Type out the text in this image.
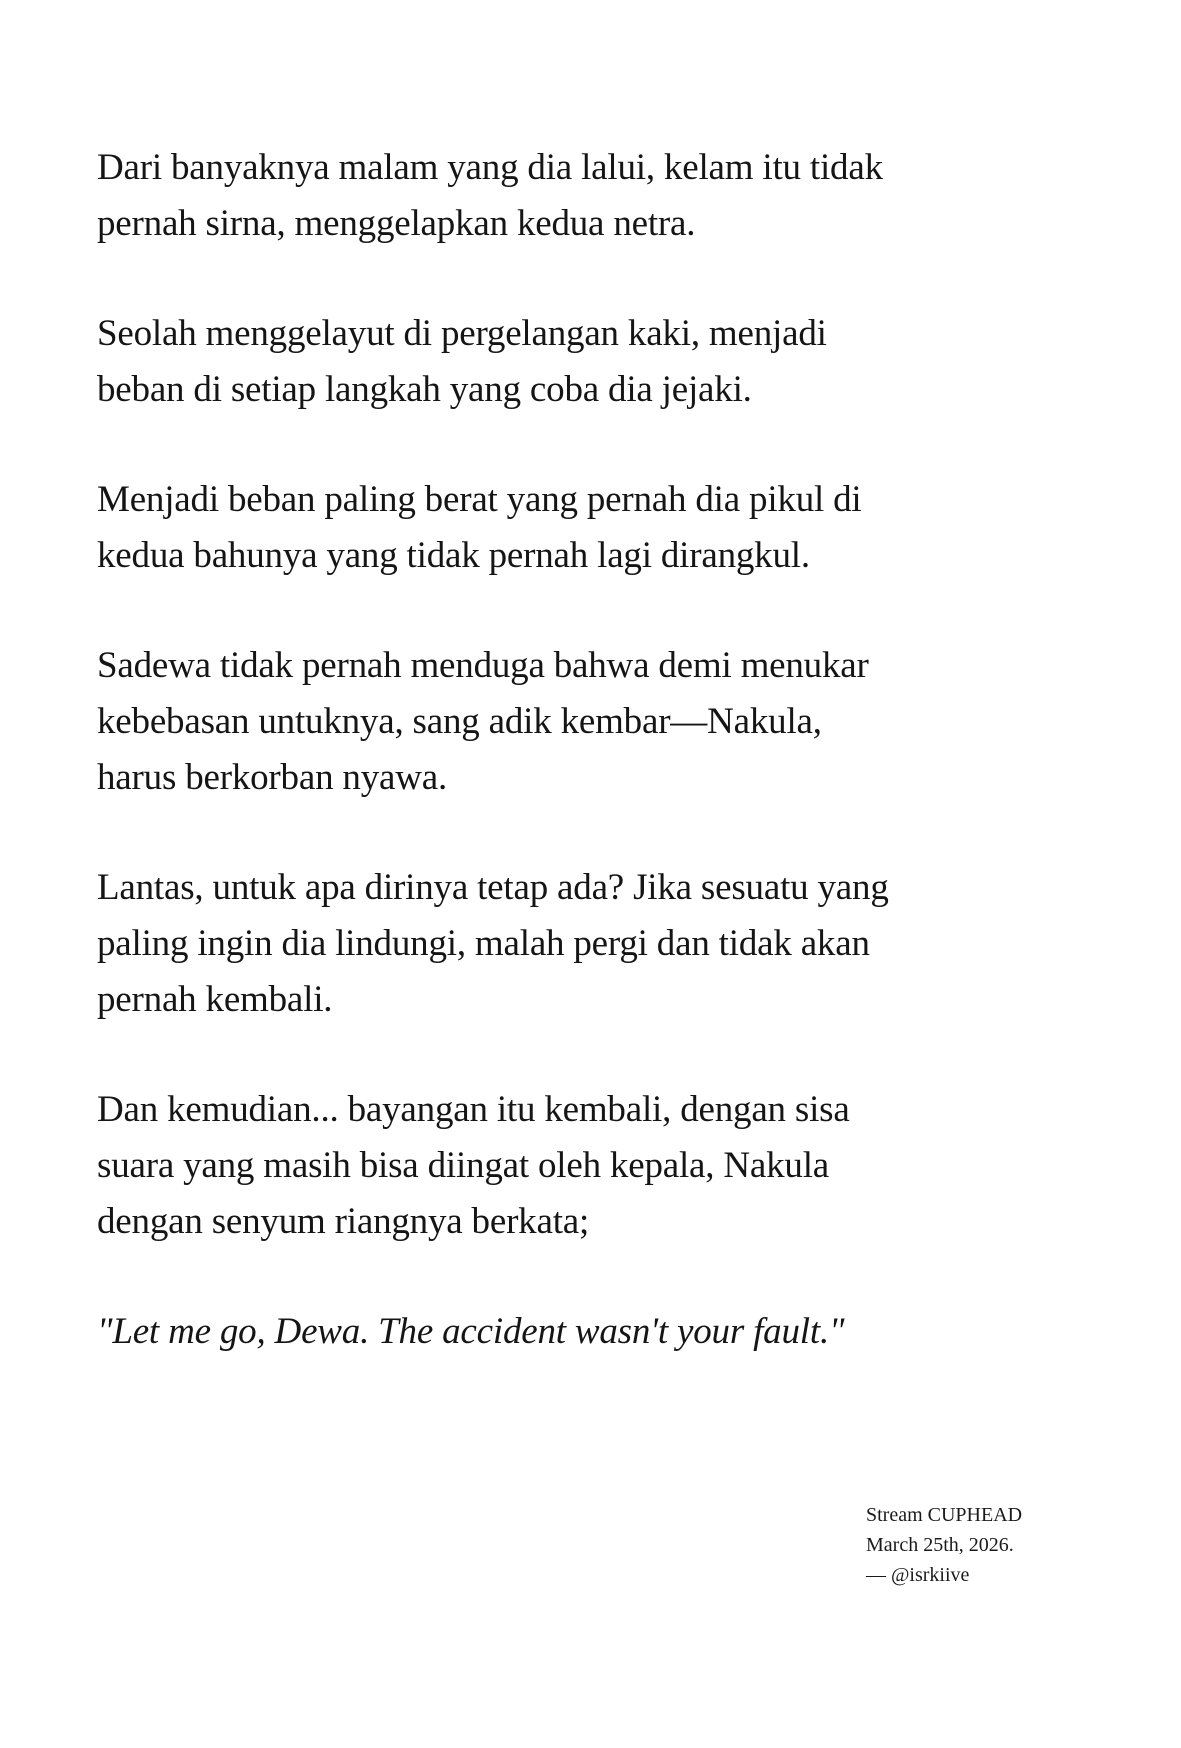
Dari banyaknya malam yang dia lalui, kelam itu tidak
pernah sirna, menggelapkan kedua netra.

Seolah menggelayut di pergelangan kaki, menjadi
beban di setiap langkah yang coba dia jejaki.

Menjadi beban paling berat yang pernah dia pikul di
kedua bahunya yang tidak pernah lagi dirangkul.

Sadewa tidak pernah menduga bahwa demi menukar
kebebasan untuknya, sang adik kembar—Nakula,
harus berkorban nyawa.

Lantas, untuk apa dirinya tetap ada? Jika sesuatu yang
paling ingin dia lindungi, malah pergi dan tidak akan
pernah kembali.

Dan kemudian... bayangan itu kembali, dengan sisa
suara yang masih bisa diingat oleh kepala, Nakula
dengan senyum riangnya berkata;

"Let me go, Dewa. The accident wasn't your fault."

Stream CUPHEAD
March 25th, 2026.
— @isrkiive
